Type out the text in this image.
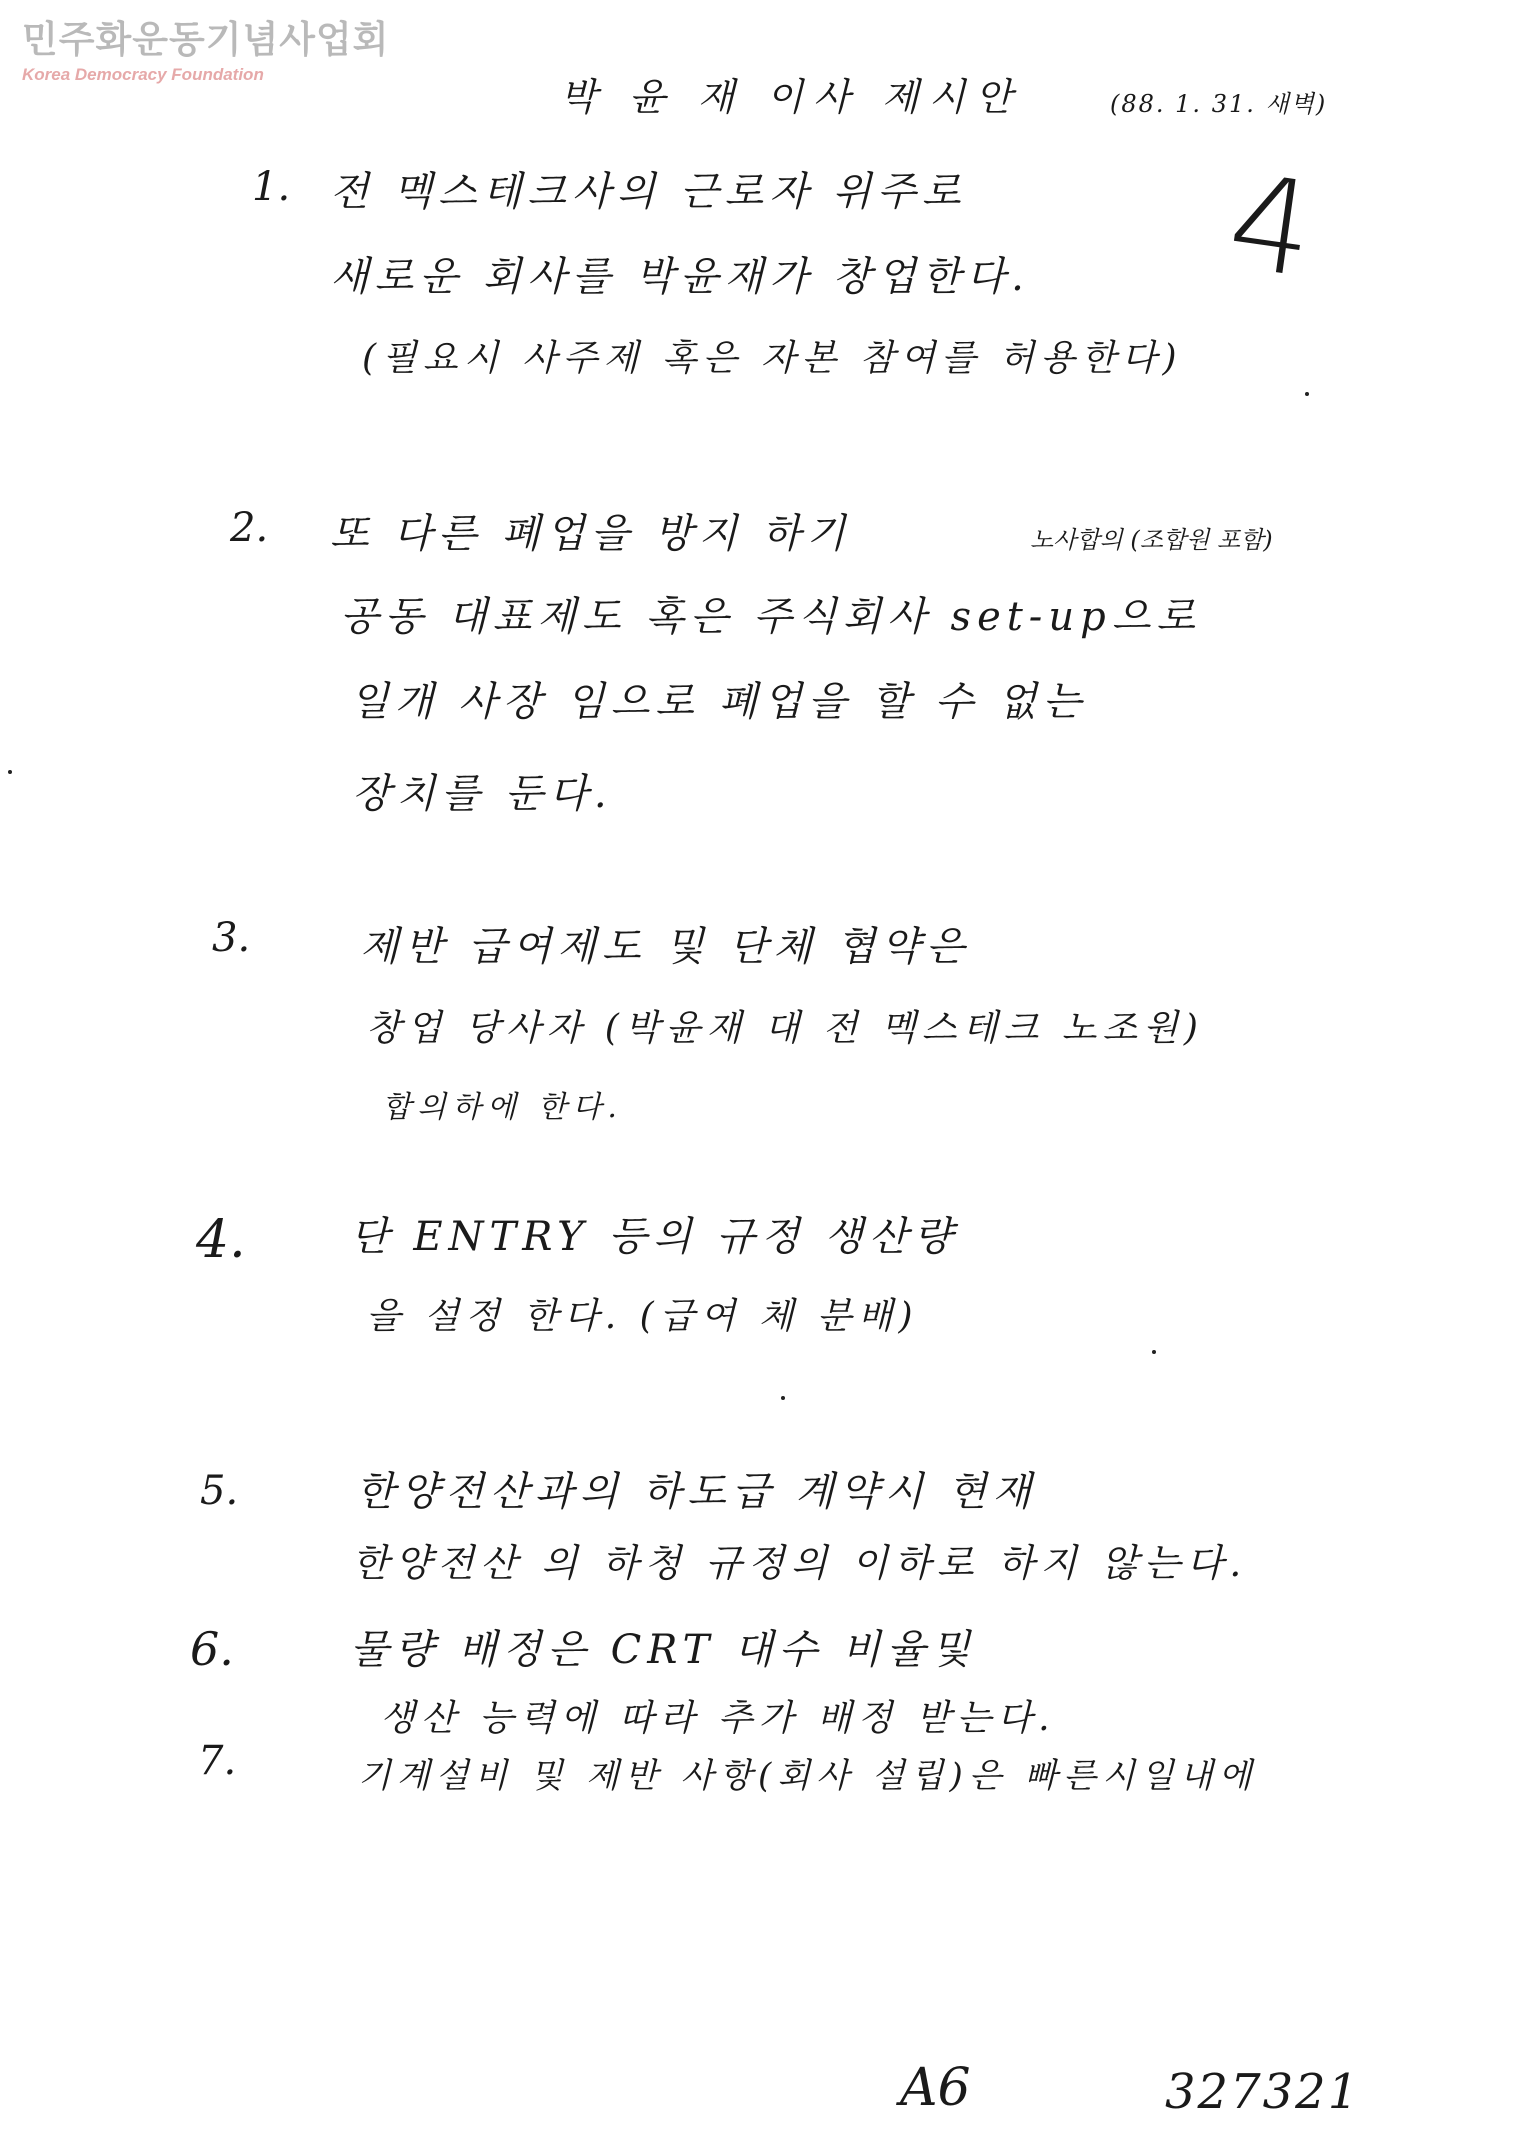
민주화운동기념사업회
Korea Democracy Foundation
박 윤 재 이사 제시안	(88. 1. 31. 새벽)
4
1. 전 멕스테크사의 근로자 위주로
새로운 회사를 박윤재가 창업한다.
(필요시 사주제 혹은 자본 참여를 허용한다)
2.	노사합의 (조합원 포함)
또 다른 폐업을 방지 하기
공동 대표제도 혹은 주식회사 set-up으로
일개 사장 임으로 폐업을 할 수 없는
장치를 둔다.
3.	제반 급여제도 및 단체 협약은
창업 당사자 (박윤재 대 전 멕스테크 노조원)
합의하에 한다.
4.	단 ENTRY 등의 규정 생산량
을 설정 한다. (급여 체 분배)
5.	한양전산과의 하도급 계약시 현재
한양전산 의 하청 규정의 이하로 하지 않는다.
6.	물량 배정은 CRT 대수 비율및
생산 능력에 따라 추가 배정 받는다.
7.	기계설비 및 제반 사항(회사 설립)은 빠른시일내에
A6	327321
